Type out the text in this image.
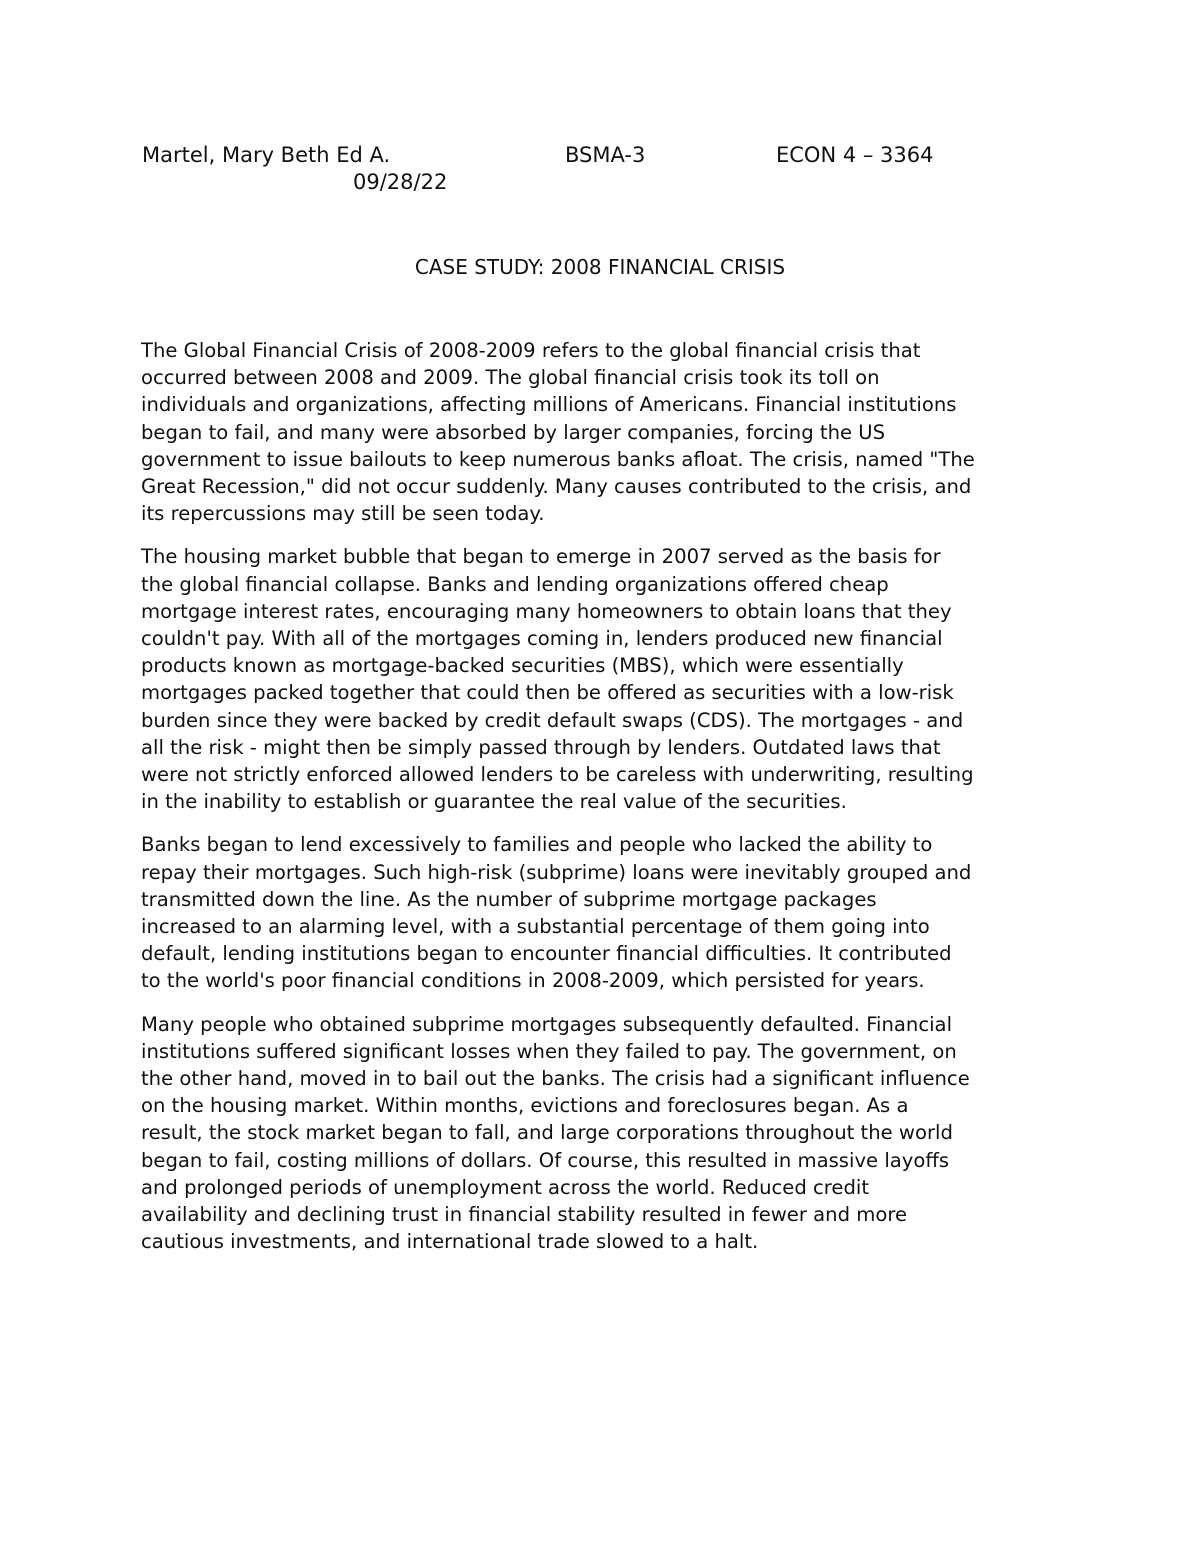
Martel, Mary Beth Ed A.	BSMA-3	ECON 4 – 3364
09/28/22
CASE STUDY: 2008 FINANCIAL CRISIS

The Global Financial Crisis of 2008-2009 refers to the global financial crisis that
occurred between 2008 and 2009. The global financial crisis took its toll on
individuals and organizations, affecting millions of Americans. Financial institutions
began to fail, and many were absorbed by larger companies, forcing the US
government to issue bailouts to keep numerous banks afloat. The crisis, named "The
Great Recession," did not occur suddenly. Many causes contributed to the crisis, and
its repercussions may still be seen today.

The housing market bubble that began to emerge in 2007 served as the basis for
the global financial collapse. Banks and lending organizations offered cheap
mortgage interest rates, encouraging many homeowners to obtain loans that they
couldn't pay. With all of the mortgages coming in, lenders produced new financial
products known as mortgage-backed securities (MBS), which were essentially
mortgages packed together that could then be offered as securities with a low-risk
burden since they were backed by credit default swaps (CDS). The mortgages - and
all the risk - might then be simply passed through by lenders. Outdated laws that
were not strictly enforced allowed lenders to be careless with underwriting, resulting
in the inability to establish or guarantee the real value of the securities.

Banks began to lend excessively to families and people who lacked the ability to
repay their mortgages. Such high-risk (subprime) loans were inevitably grouped and
transmitted down the line. As the number of subprime mortgage packages
increased to an alarming level, with a substantial percentage of them going into
default, lending institutions began to encounter financial difficulties. It contributed
to the world's poor financial conditions in 2008-2009, which persisted for years.

Many people who obtained subprime mortgages subsequently defaulted. Financial
institutions suffered significant losses when they failed to pay. The government, on
the other hand, moved in to bail out the banks. The crisis had a significant influence
on the housing market. Within months, evictions and foreclosures began. As a
result, the stock market began to fall, and large corporations throughout the world
began to fail, costing millions of dollars. Of course, this resulted in massive layoffs
and prolonged periods of unemployment across the world. Reduced credit
availability and declining trust in financial stability resulted in fewer and more
cautious investments, and international trade slowed to a halt.
